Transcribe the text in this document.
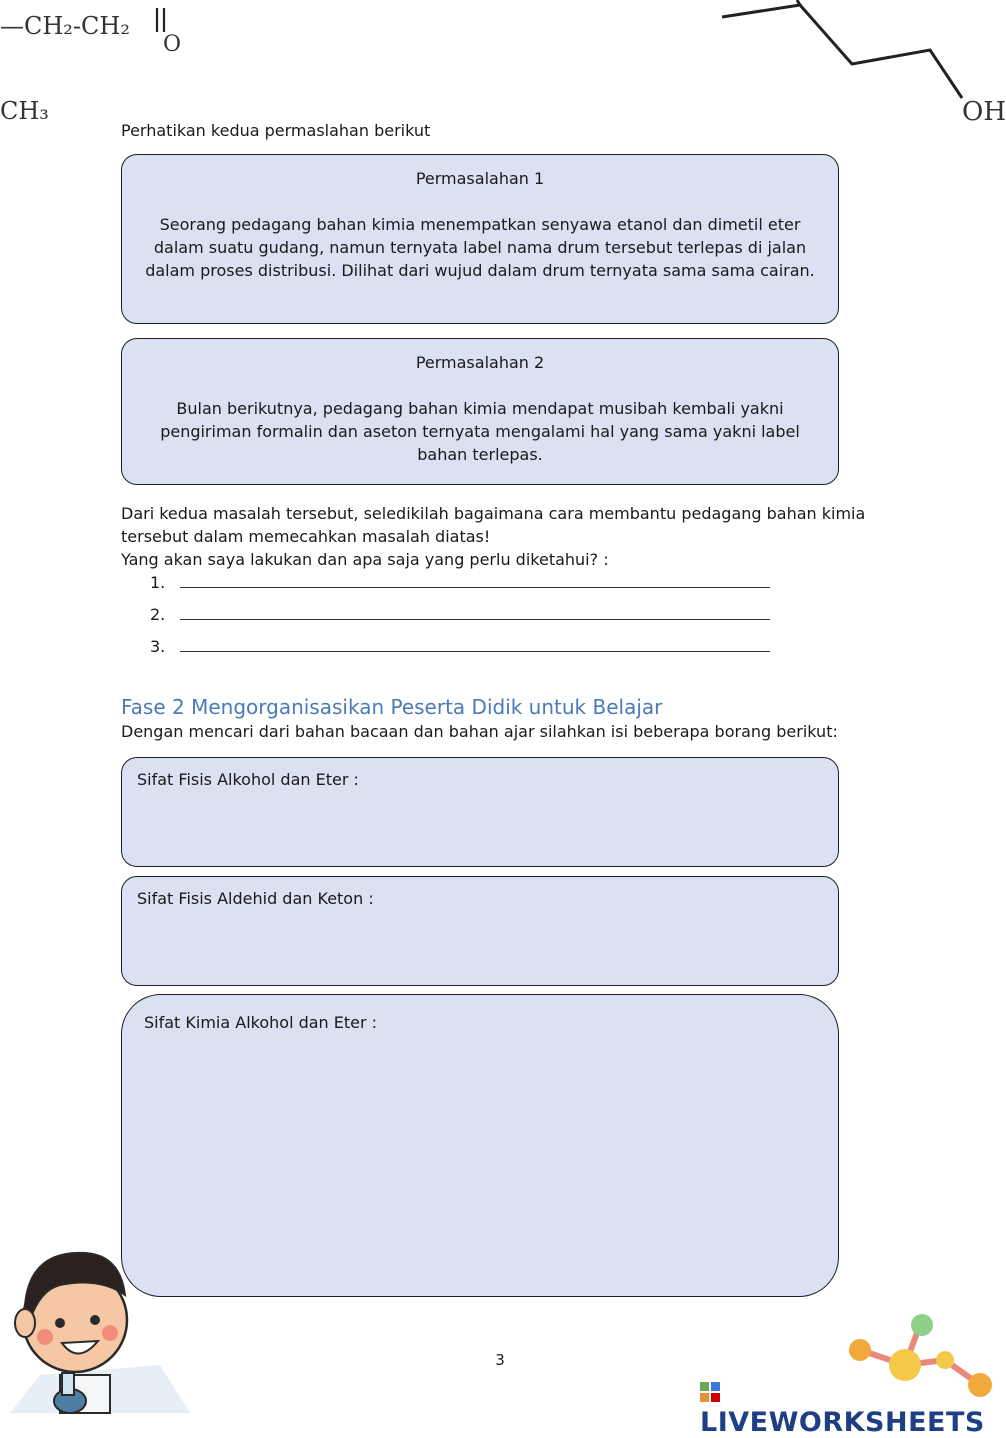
—CH₂-CH₂
O
CH₃	OH
Perhatikan kedua permaslahan berikut
Permasalahan 1
Seorang pedagang bahan kimia menempatkan senyawa etanol dan dimetil eter dalam suatu gudang, namun ternyata label nama drum tersebut terlepas di jalan dalam proses distribusi. Dilihat dari wujud dalam drum ternyata sama sama cairan.
Permasalahan 2
Bulan berikutnya, pedagang bahan kimia mendapat musibah kembali yakni pengiriman formalin dan aseton ternyata mengalami hal yang sama yakni label bahan terlepas.
Dari kedua masalah tersebut, seledikilah bagaimana cara membantu pedagang bahan kimia tersebut dalam memecahkan masalah diatas!
Yang akan saya lakukan dan apa saja yang perlu diketahui? :
1.
2.
3.
Fase 2 Mengorganisasikan Peserta Didik untuk Belajar
Dengan mencari dari bahan bacaan dan bahan ajar silahkan isi beberapa borang berikut:
Sifat Fisis Alkohol dan Eter :
Sifat Fisis Aldehid dan Keton :
Sifat Kimia Alkohol dan Eter :
3
LIVEWORKSHEETS
